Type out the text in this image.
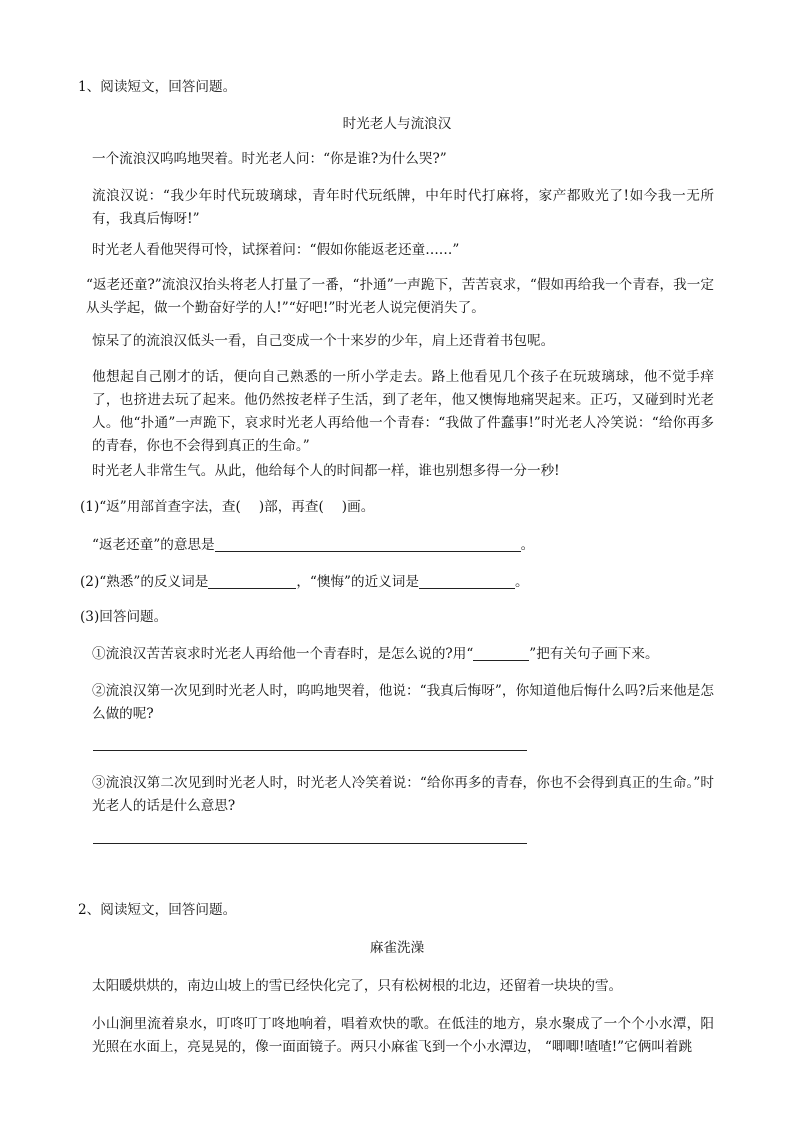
1、阅读短文，回答问题。
时光老人与流浪汉
一个流浪汉呜呜地哭着。时光老人问：“你是谁?为什么哭?”
流浪汉说：“我少年时代玩玻璃球，青年时代玩纸牌，中年时代打麻将，家产都败光了!如今我一无所有，我真后悔呀!”
时光老人看他哭得可怜，试探着问：“假如你能返老还童……”
“返老还童?”流浪汉抬头将老人打量了一番，“扑通”一声跪下，苦苦哀求，“假如再给我一个青春，我一定从头学起，做一个勤奋好学的人!”“好吧!”时光老人说完便消失了。
惊呆了的流浪汉低头一看，自己变成一个十来岁的少年，肩上还背着书包呢。
他想起自己刚才的话，便向自己熟悉的一所小学走去。路上他看见几个孩子在玩玻璃球，他不觉手痒了，也挤进去玩了起来。他仍然按老样子生活，到了老年，他又懊悔地痛哭起来。正巧，又碰到时光老人。他“扑通”一声跪下，哀求时光老人再给他一个青春：“我做了件蠢事!”时光老人冷笑说：“给你再多的青春，你也不会得到真正的生命。”
时光老人非常生气。从此，他给每个人的时间都一样，谁也别想多得一分一秒!
(1)“返”用部首查字法，查( )部，再查( )画。
“返老还童”的意思是	。
(2)“熟悉”的反义词是	，“懊悔”的近义词是	。
(3)回答问题。
①流浪汉苦苦哀求时光老人再给他一个青春时，是怎么说的?用“	”把有关句子画下来。
②流浪汉第一次见到时光老人时，呜呜地哭着，他说：“我真后悔呀”，你知道他后悔什么吗?后来他是怎么做的呢?
③流浪汉第二次见到时光老人时，时光老人冷笑着说：“给你再多的青春，你也不会得到真正的生命。”时光老人的话是什么意思?
2、阅读短文，回答问题。
麻雀洗澡
太阳暖烘烘的，南边山坡上的雪已经快化完了，只有松树根的北边，还留着一块块的雪。
小山涧里流着泉水，叮咚叮丁咚地响着，唱着欢快的歌。在低洼的地方，泉水聚成了一个个小水潭，阳光照在水面上，亮晃晃的，像一面面镜子。两只小麻雀飞到一个小水潭边， “唧唧!喳喳!”它俩叫着跳
